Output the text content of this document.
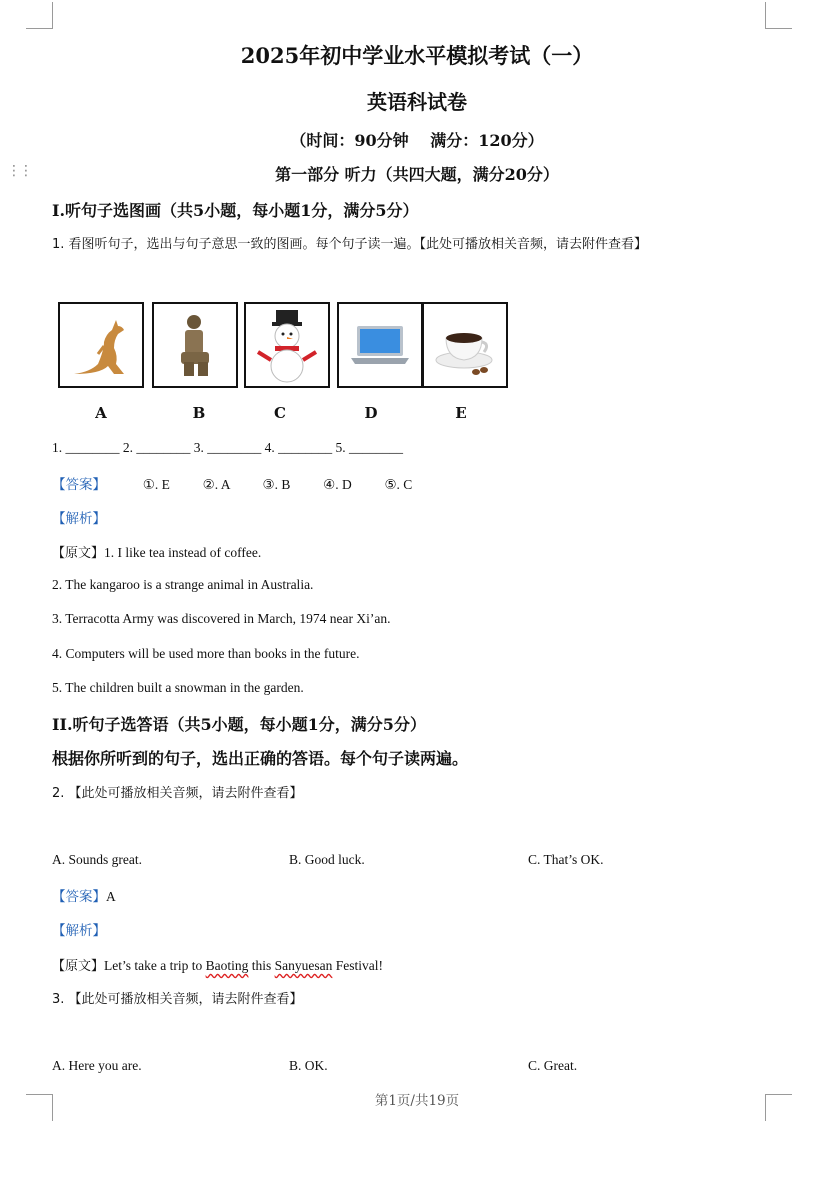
⋮⋮
2025年初中学业水平模拟考试（一）
英语科试卷
（时间：90分钟　 满分：120分）
第一部分 听力（共四大题，满分20分）
I.听句子选图画（共5小题，每小题1分，满分5分）
1. 看图听句子，选出与句子意思一致的图画。每个句子读一遍。【此处可播放相关音频，请去附件查看】
A	B	C	D	E
1. ________ 2. ________ 3. ________ 4. ________ 5. ________
【答案】	①. E ②. A ③. B ④. D ⑤. C
【解析】
【原文】1. I like tea instead of coffee.
2. The kangaroo is a strange animal in Australia.
3. Terracotta Army was discovered in March, 1974 near Xi’an.
4. Computers will be used more than books in the future.
5. The children built a snowman in the garden.
II.听句子选答语（共5小题，每小题1分，满分5分）
根据你所听到的句子，选出正确的答语。每个句子读两遍。
2. 【此处可播放相关音频，请去附件查看】
A. Sounds great.	B. Good luck.	C. That’s OK.
【答案】A
【解析】
【原文】Let’s take a trip to Baoting this Sanyuesan Festival!
3. 【此处可播放相关音频，请去附件查看】
A. Here you are.	B. OK.	C. Great.
第1页/共19页
